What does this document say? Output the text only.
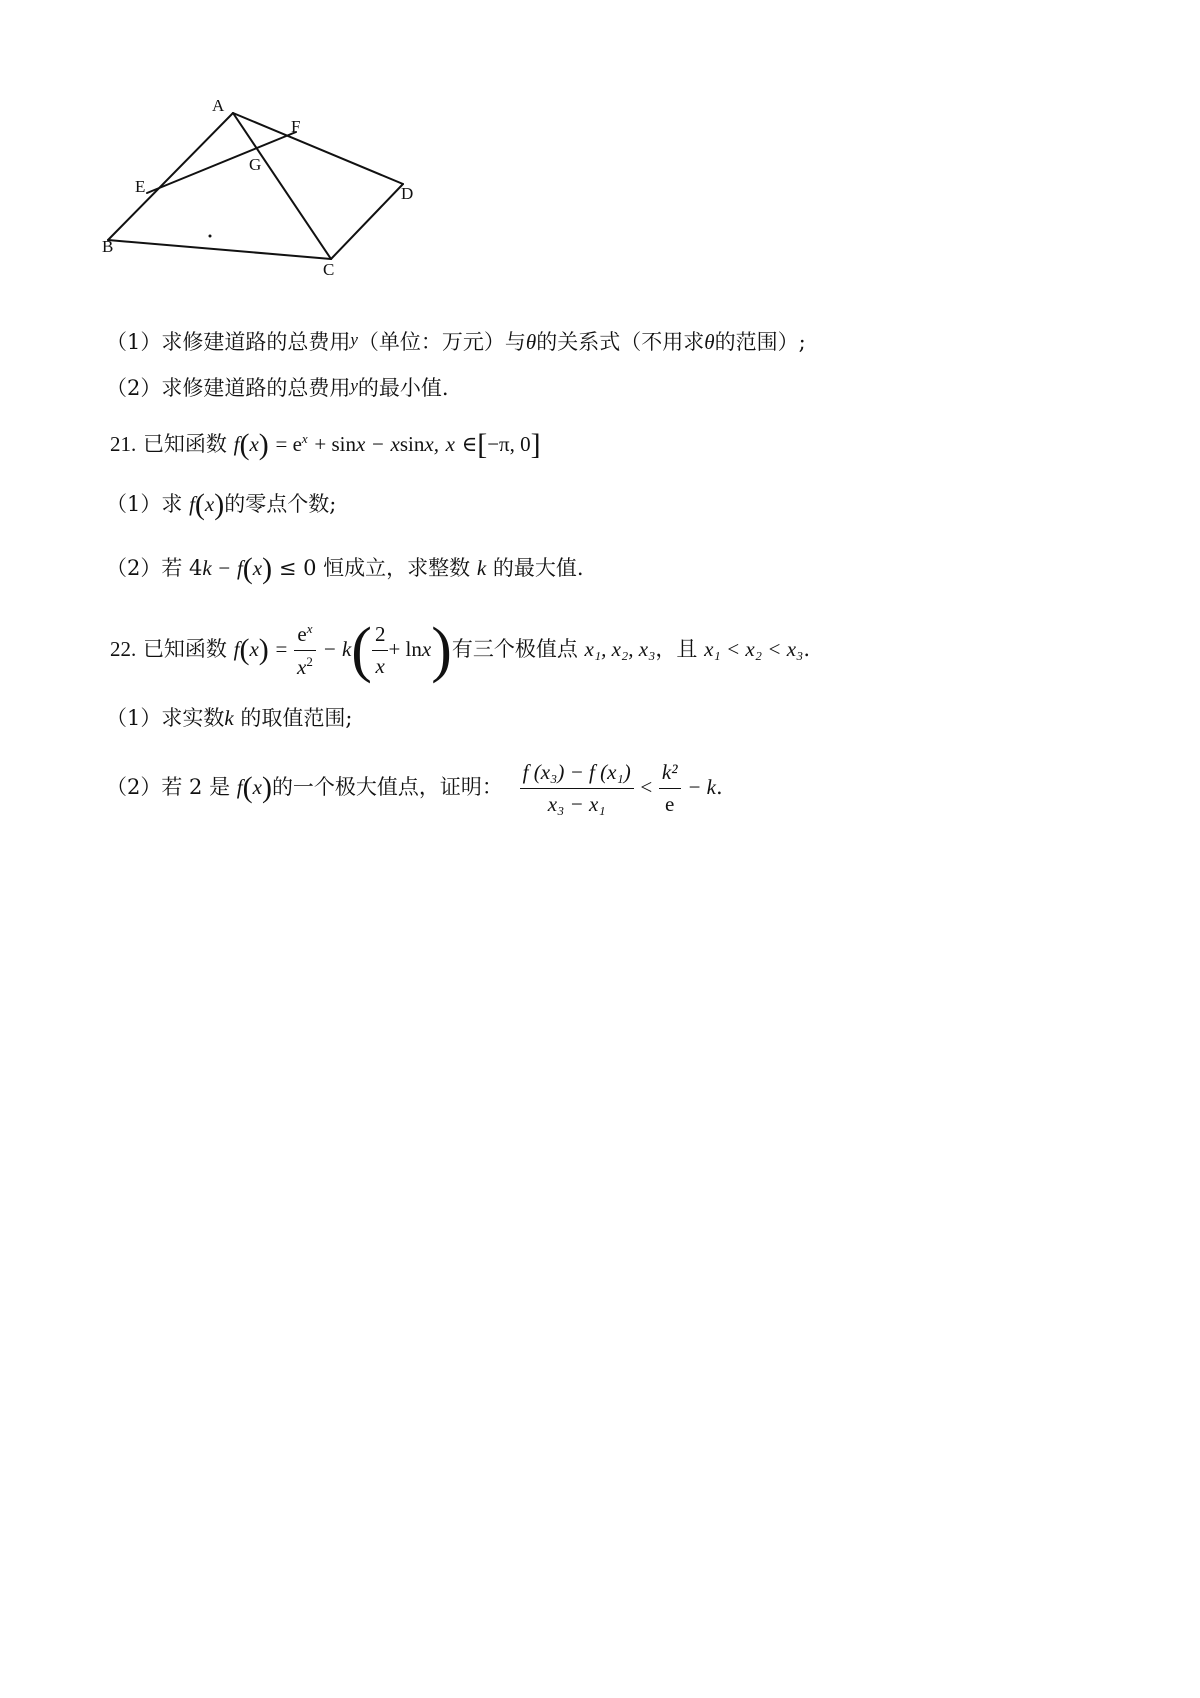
A
F
G
E	D
B
C
（1）求修建道路的总费用y（单位：万元）与θ的关系式（不用求θ的范围）;
（2）求修建道路的总费用y的最小值.
21. 已知函数 $f(x) = e^x + \sin x - xsinx$, x ∈[−π, 0]
（1）求 f(x)的零点个数;
（2）若 4k − f(x) ≤ 0 恒成立，求整数 k 的最大值.
22. 已知函数 $f(x) = \frac{e^x}{x^2} - k( \frac{2}{x} + \ln x)$有三个极值点 x₁, x₂, x₃，且 x₁ < x₂ < x₃.
（1）求实数k 的取值范围;
（2）若 2 是 f(x)的一个极大值点，证明： $\frac{\text{f (x₃) − f (x₁)}}{\text{x₃ − x₁}} < \frac{\text{k²}}{e} - k$.
